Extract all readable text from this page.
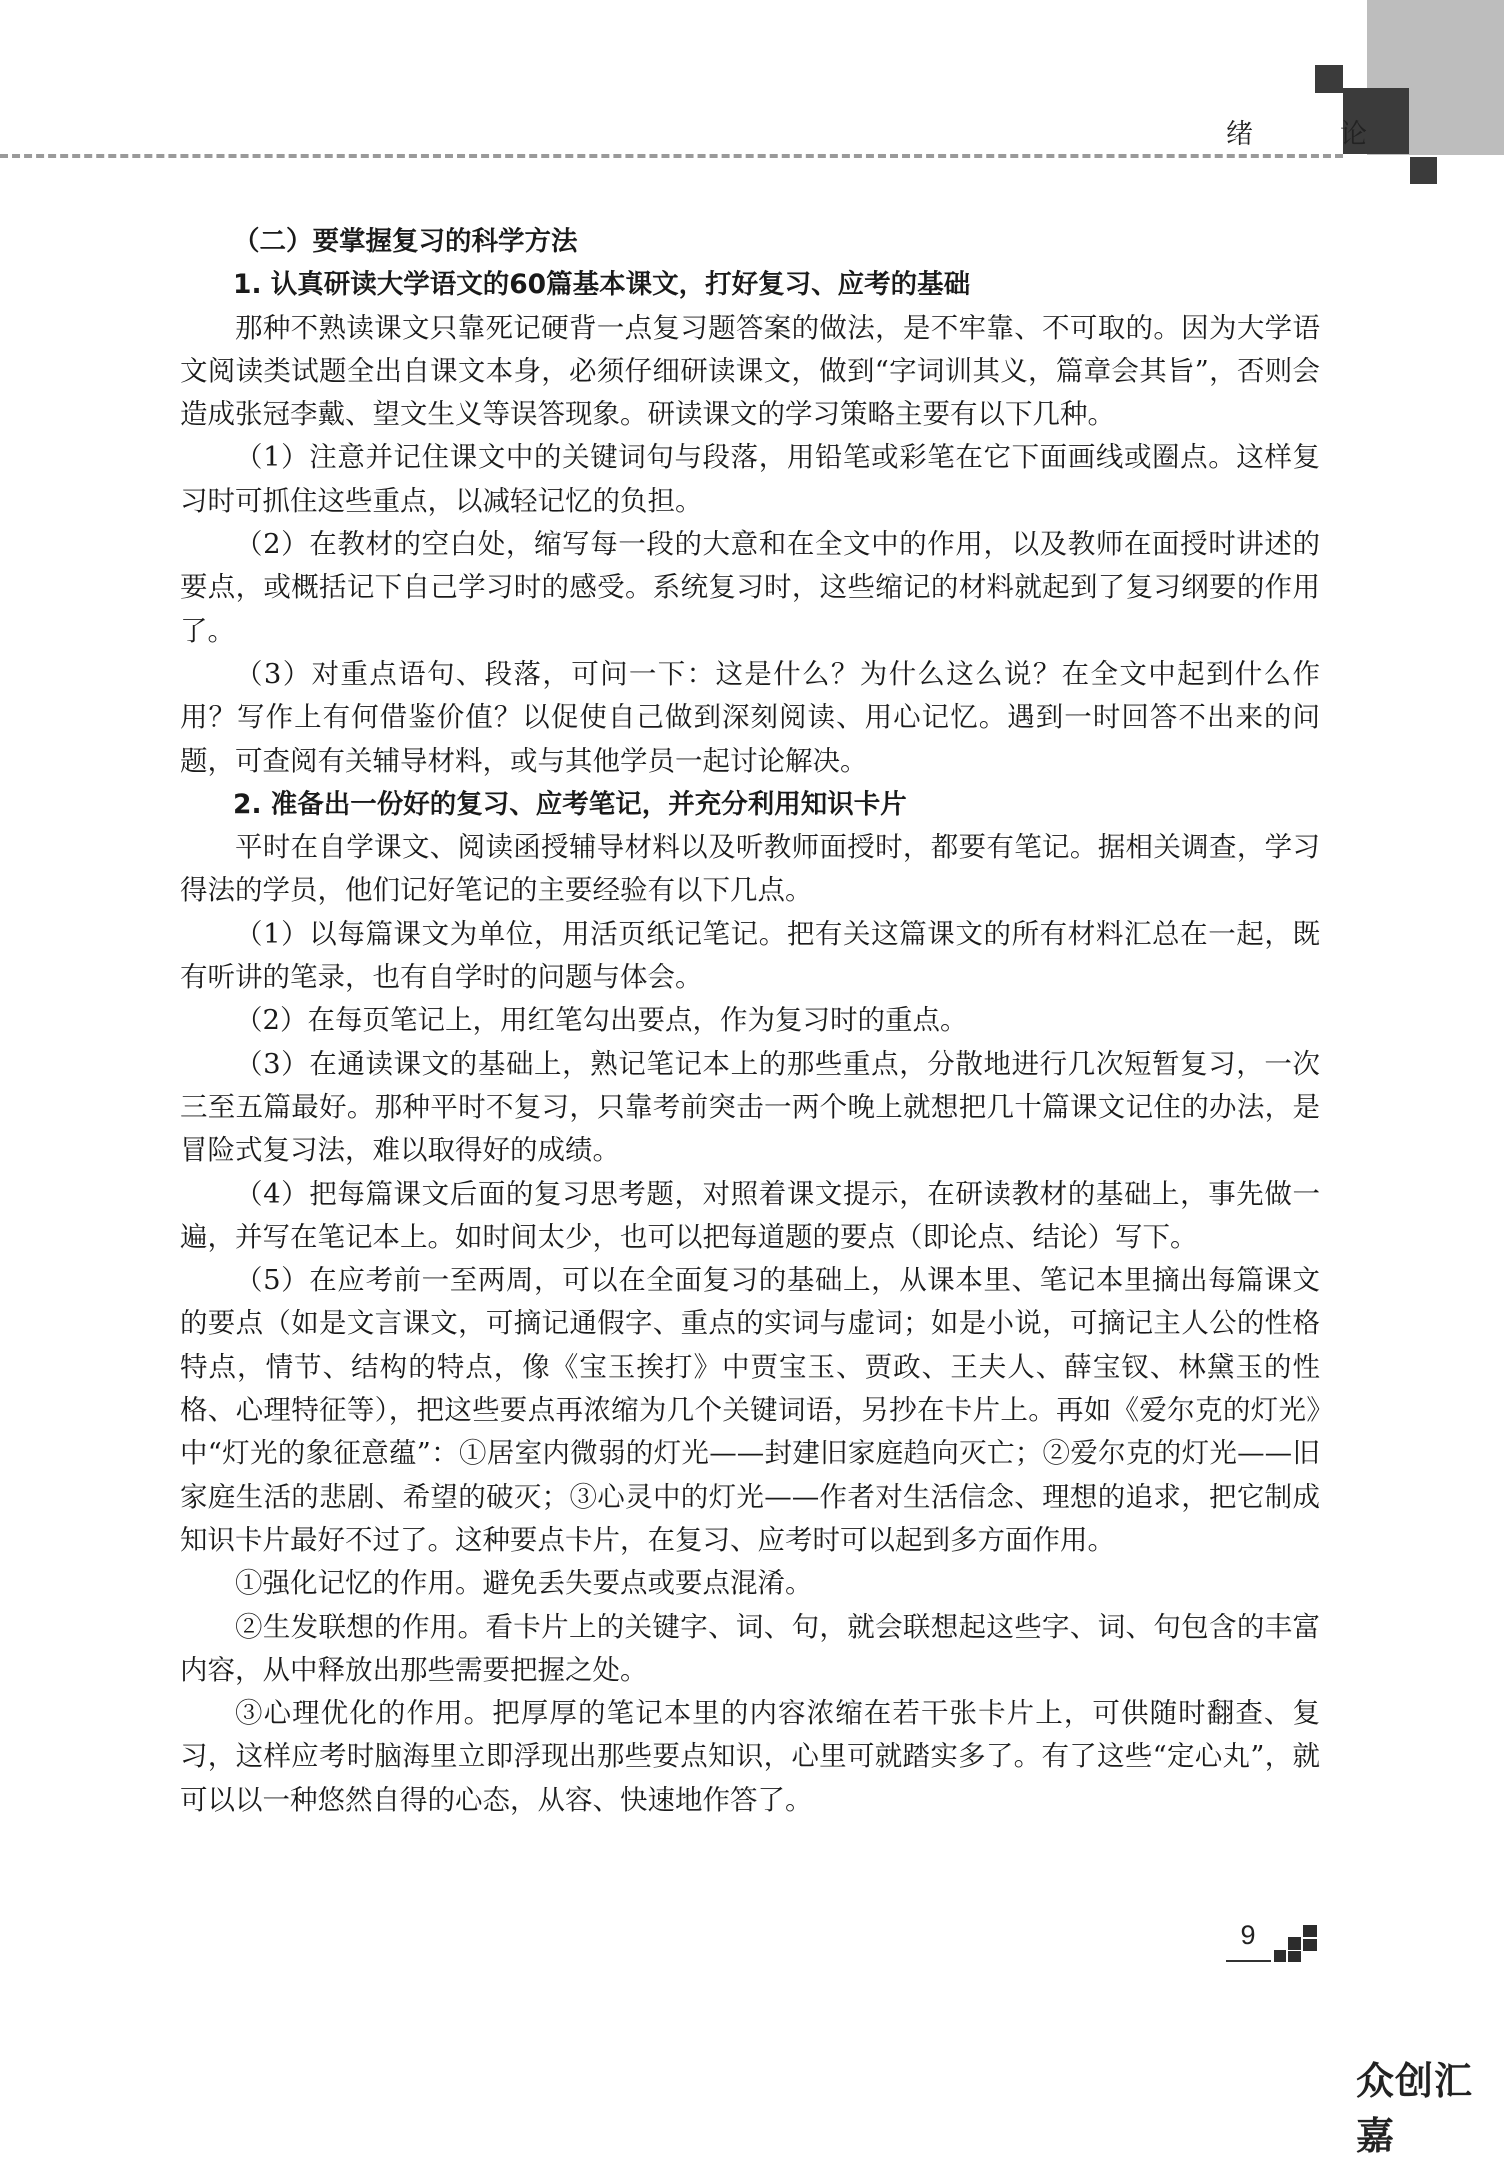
绪　论

（二）要掌握复习的科学方法

1. 认真研读大学语文的60篇基本课文，打好复习、应考的基础

那种不熟读课文只靠死记硬背一点复习题答案的做法，是不牢靠、不可取的。因为大学语文阅读类试题全出自课文本身，必须仔细研读课文，做到“字词训其义，篇章会其旨”，否则会造成张冠李戴、望文生义等误答现象。研读课文的学习策略主要有以下几种。

（1）注意并记住课文中的关键词句与段落，用铅笔或彩笔在它下面画线或圈点。这样复习时可抓住这些重点，以减轻记忆的负担。

（2）在教材的空白处，缩写每一段的大意和在全文中的作用，以及教师在面授时讲述的要点，或概括记下自己学习时的感受。系统复习时，这些缩记的材料就起到了复习纲要的作用了。

（3）对重点语句、段落，可问一下：这是什么？为什么这么说？在全文中起到什么作用？写作上有何借鉴价值？以促使自己做到深刻阅读、用心记忆。遇到一时回答不出来的问题，可查阅有关辅导材料，或与其他学员一起讨论解决。

2. 准备出一份好的复习、应考笔记，并充分利用知识卡片

平时在自学课文、阅读函授辅导材料以及听教师面授时，都要有笔记。据相关调查，学习得法的学员，他们记好笔记的主要经验有以下几点。

（1）以每篇课文为单位，用活页纸记笔记。把有关这篇课文的所有材料汇总在一起，既有听讲的笔录，也有自学时的问题与体会。

（2）在每页笔记上，用红笔勾出要点，作为复习时的重点。

（3）在通读课文的基础上，熟记笔记本上的那些重点，分散地进行几次短暂复习，一次三至五篇最好。那种平时不复习，只靠考前突击一两个晚上就想把几十篇课文记住的办法，是冒险式复习法，难以取得好的成绩。

（4）把每篇课文后面的复习思考题，对照着课文提示，在研读教材的基础上，事先做一遍，并写在笔记本上。如时间太少，也可以把每道题的要点（即论点、结论）写下。

（5）在应考前一至两周，可以在全面复习的基础上，从课本里、笔记本里摘出每篇课文的要点（如是文言课文，可摘记通假字、重点的实词与虚词；如是小说，可摘记主人公的性格特点，情节、结构的特点，像《宝玉挨打》中贾宝玉、贾政、王夫人、薛宝钗、林黛玉的性格、心理特征等），把这些要点再浓缩为几个关键词语，另抄在卡片上。再如《爱尔克的灯光》中“灯光的象征意蕴”：①居室内微弱的灯光——封建旧家庭趋向灭亡；②爱尔克的灯光——旧家庭生活的悲剧、希望的破灭；③心灵中的灯光——作者对生活信念、理想的追求，把它制成知识卡片最好不过了。这种要点卡片，在复习、应考时可以起到多方面作用。

①强化记忆的作用。避免丢失要点或要点混淆。

②生发联想的作用。看卡片上的关键字、词、句，就会联想起这些字、词、句包含的丰富内容，从中释放出那些需要把握之处。

③心理优化的作用。把厚厚的笔记本里的内容浓缩在若干张卡片上，可供随时翻查、复习，这样应考时脑海里立即浮现出那些要点知识，心里可就踏实多了。有了这些“定心丸”，就可以以一种悠然自得的心态，从容、快速地作答了。

9
众创汇嘉
